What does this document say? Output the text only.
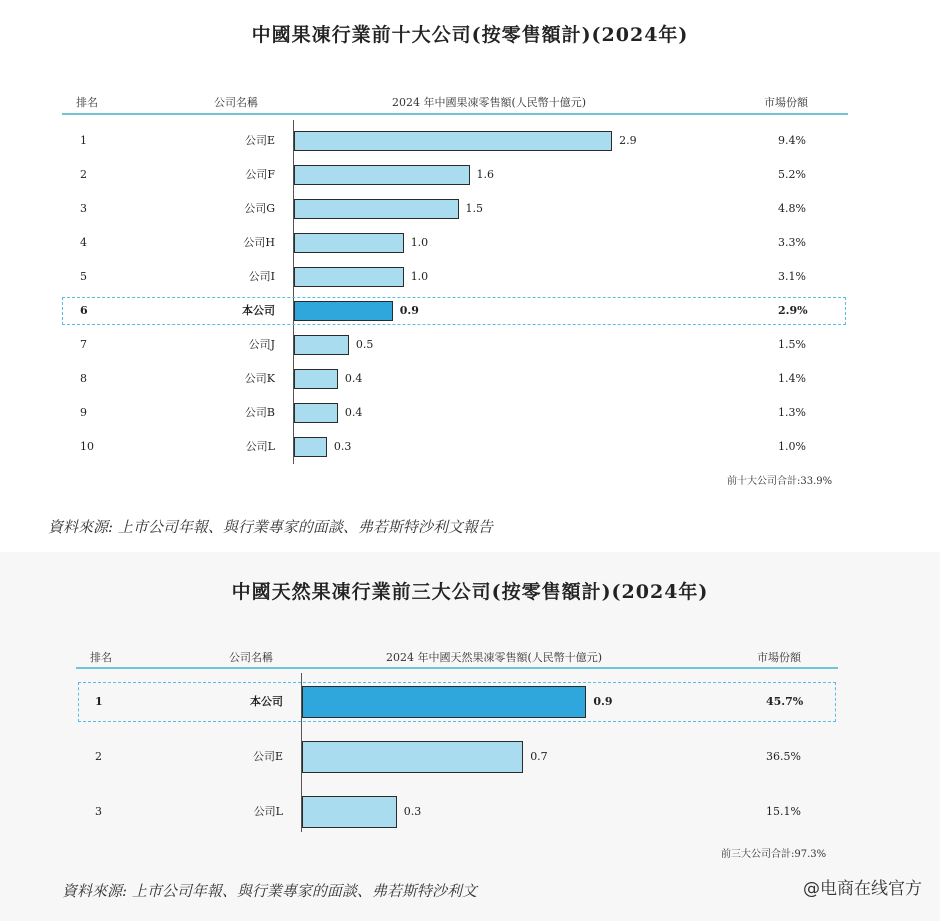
中國果凍行業前十大公司(按零售額計)(2024年)
排名	公司名稱	2024 年中國果凍零售額(人民幣十億元)	市場份額
1	公司E	2.9	9.4%
2	公司F	1.6	5.2%
3	公司G	1.5	4.8%
4	公司H	1.0	3.3%
5	公司I	1.0	3.1%
6	本公司	0.9	2.9%
7	公司J	0.5	1.5%
8	公司K	0.4	1.4%
9	公司B	0.4	1.3%
10	公司L	0.3	1.0%
前十大公司合計:33.9%
資料來源: 上市公司年報、與行業專家的面談、弗若斯特沙利文報告
中國天然果凍行業前三大公司(按零售額計)(2024年)
排名	公司名稱	2024 年中國天然果凍零售額(人民幣十億元)	市場份額
1	本公司	0.9	45.7%
2	公司E	0.7	36.5%
3	公司L	0.3	15.1%
前三大公司合計:97.3%
資料來源: 上市公司年報、與行業專家的面談、弗若斯特沙利文	@电商在线官方
